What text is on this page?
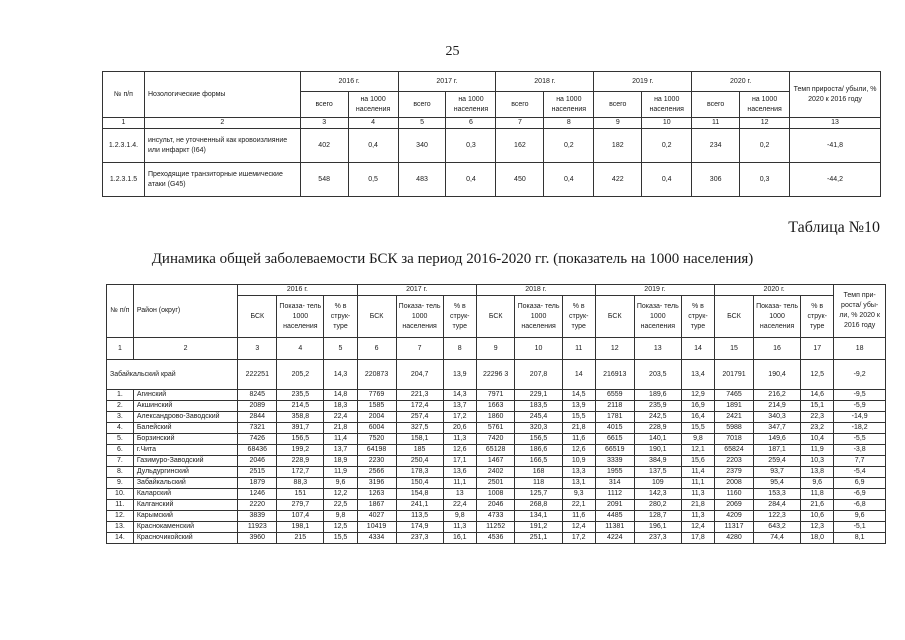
25
№ п/п	Нозологические формы	2016 г.		2017 г.		2018 г.		2019 г.		2020 г.		Темп прироста/ убыли, % 2020 к 2016 году
		всего	на 1000 населения	всего	на 1000 населения	всего	на 1000 населения	всего	на 1000 населения	всего	на 1000 населения	
1	2	3	4	5	6	7	8	9	10	11	12	13
1.2.3.1.4.	инсульт, не уточненный как кровоизлияние или инфаркт (I64)	402	0,4	340	0,3	162	0,2	182	0,2	234	0,2	-41,8
1.2.3.1.5	Преходящие транзиторные ишемические атаки (G45)	548	0,5	483	0,4	450	0,4	422	0,4	306	0,3	-44,2
Таблица №10
Динамика общей заболеваемости БСК за период 2016-2020 гг. (показатель на 1000 населения)
№ п/п	Район (округ)	2016 г.			2017 г.			2018 г.			2019 г.			2020 г.			Темп при- роста/ убы- ли, % 2020 к 2016 году
		БСК	Показа- тель 1000 населения	% в струк- туре	БСК	Показа- тель 1000 населения	% в струк- туре	БСК	Показа- тель 1000 населения	% в струк- туре	БСК	Показа- тель 1000 населения	% в струк- туре	БСК	Показа- тель 1000 населения	% в струк- туре	
1	2	3	4	5	6	7	8	9	10	11	12	13	14	15	16	17	18
Забайкальский край		222251	205,2	14,3	220873	204,7	13,9	22296 3	207,8	14	216913	203,5	13,4	201791	190,4	12,5	-9,2
1.	Агинский	8245	235,5	14,8	7769	221,3	14,3	7971	229,1	14,5	6559	189,6	12,9	7465	216,2	14,6	-9,5
2.	Акшинский	2089	214,5	18,3	1585	172,4	13,7	1663	183,5	13,9	2118	235,9	16,9	1891	214,9	15,1	-5,9
3.	Александрово-Заводский	2844	358,8	22,4	2004	257,4	17,2	1860	245,4	15,5	1781	242,5	16,4	2421	340,3	22,3	-14,9
4.	Балейский	7321	391,7	21,8	6004	327,5	20,6	5761	320,3	21,8	4015	228,9	15,5	5988	347,7	23,2	-18,2
5.	Борзинский	7426	156,5	11,4	7520	158,1	11,3	7420	156,5	11,6	6615	140,1	9,8	7018	149,6	10,4	-5,5
6.	г.Чита	68436	199,2	13,7	64198	185	12,6	65128	186,6	12,6	66519	190,1	12,1	65824	187,1	11,9	-3,8
7.	Газимуро-Заводский	2046	228,9	18,9	2230	250,4	17,1	1467	166,5	10,9	3339	384,9	15,6	2203	259,4	10,3	7,7
8.	Дульдургинский	2515	172,7	11,9	2566	178,3	13,6	2402	168	13,3	1955	137,5	11,4	2379	93,7	13,8	-5,4
9.	Забайкальский	1879	88,3	9,6	3196	150,4	11,1	2501	118	13,1	314	109	11,1	2008	95,4	9,6	6,9
10.	Каларский	1246	151	12,2	1263	154,8	13	1008	125,7	9,3	1112	142,3	11,3	1160	153,3	11,8	-6,9
11.	Калганский	2220	279,7	22,5	1867	241,1	22,4	2046	268,8	22,1	2091	280,2	21,8	2069	284,4	21,6	-6,8
12.	Карымский	3839	107,4	9,8	4027	113,5	9,8	4733	134,1	11,6	4485	128,7	11,3	4209	122,3	10,6	9,6
13.	Краснокаменский	11923	198,1	12,5	10419	174,9	11,3	11252	191,2	12,4	11381	196,1	12,4	11317	643,2	12,3	-5,1
14.	Красночикойский	3960	215	15,5	4334	237,3	16,1	4536	251,1	17,2	4224	237,3	17,8	4280	74,4	18,0	8,1
